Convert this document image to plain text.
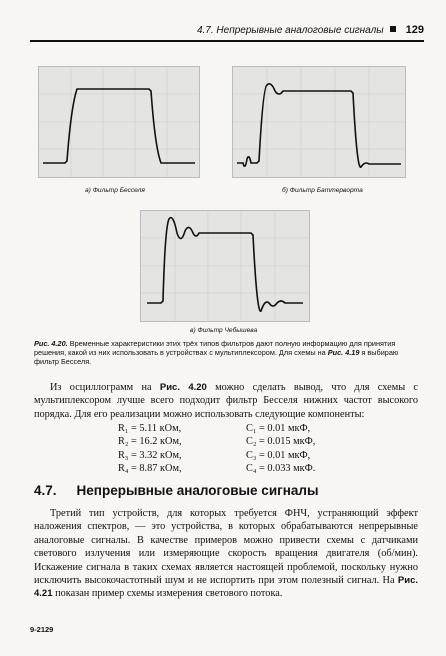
4.7. Непрерывные аналоговые сигналы 129
а) Фильтр Бесселя	б) Фильтр Баттерворта
в) Фильтр Чебышева
Рис. 4.20. Временные характеристики этих трёх типов фильтров дают полную информацию для принятия решения, какой из них использовать в устройствах с мультиплексором. Для схемы на Рис. 4.19 я выбираю фильтр Бесселя.
Из осциллограмм на Рис. 4.20 можно сделать вывод, что для схемы с мультиплексором лучше всего подходит фильтр Бесселя нижних частот высокого порядка. Для его реализации можно использовать следующие компоненты:
R₁ = 5.11 кОм,	C₁ = 0.01 мкФ,
R₂ = 16.2 кОм,	C₂ = 0.015 мкФ,
R₃ = 3.32 кОм,	C₃ = 0.01 мкФ,
R₄ = 8.87 кОм,	C₄ = 0.033 мкФ.
4.7. Непрерывные аналоговые сигналы
Третий тип устройств, для которых требуется ФНЧ, устраняющий эффект наложения спектров, — это устройства, в которых обрабатываются непрерывные аналоговые сигналы. В качестве примеров можно привести схемы с датчиками светового излучения или измеряющие скорость вращения двигателя (об/мин). Искажение сигнала в таких схемах является настоящей проблемой, поскольку нужно исключить высокочастотный шум и не испортить при этом полезный сигнал. На Рис. 4.21 показан пример схемы измерения светового потока.
9-2129
